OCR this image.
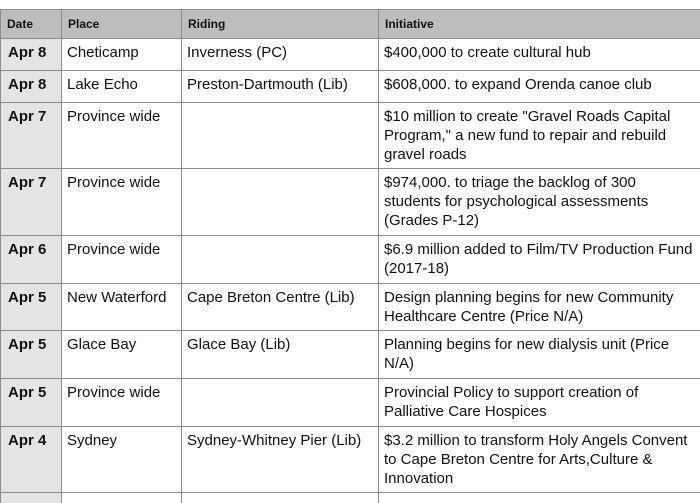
Date	Place	Riding	Initiative
Apr 8	Cheticamp	Inverness (PC)	$400,000 to create cultural hub
Apr 8	Lake Echo	Preston-Dartmouth (Lib)	$608,000. to expand Orenda canoe club
Apr 7	Province wide		$10 million to create "Gravel Roads Capital Program," a new fund to repair and rebuild gravel roads
Apr 7	Province wide		$974,000. to triage the backlog of 300 students for psychological assessments (Grades P-12)
Apr 6	Province wide		$6.9 million added to Film/TV Production Fund (2017-18)
Apr 5	New Waterford	Cape Breton Centre (Lib)	Design planning begins for new Community Healthcare Centre (Price N/A)
Apr 5	Glace Bay	Glace Bay (Lib)	Planning begins for new dialysis unit (Price N/A)
Apr 5	Province wide		Provincial Policy to support creation of Palliative Care Hospices
Apr 4	Sydney	Sydney-Whitney Pier (Lib)	$3.2 million to transform Holy Angels Convent to Cape Breton Centre for Arts,Culture & Innovation
